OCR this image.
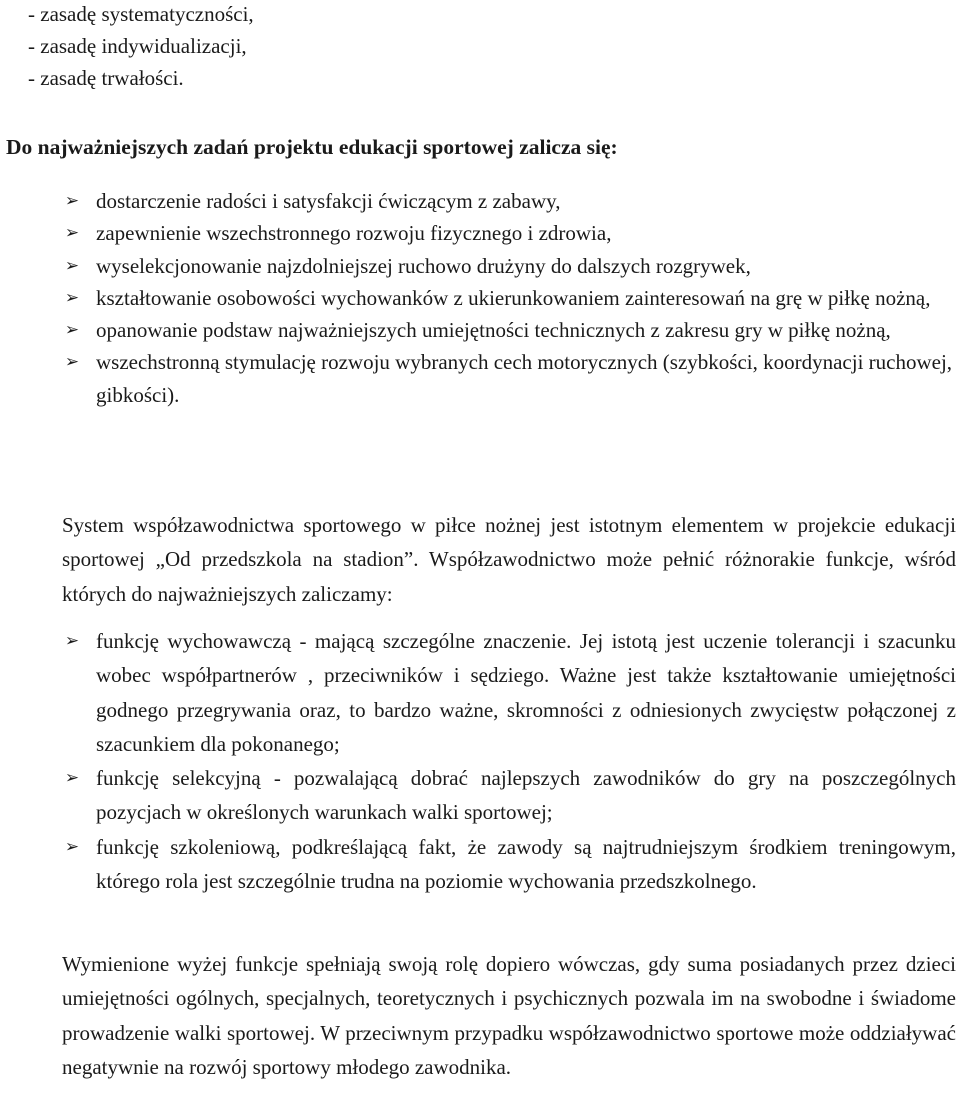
- zasadę systematyczności,
- zasadę indywidualizacji,
- zasadę trwałości.

Do najważniejszych zadań projektu edukacji sportowej zalicza się:

➢ dostarczenie radości i satysfakcji ćwiczącym z zabawy,
➢ zapewnienie wszechstronnego rozwoju fizycznego i zdrowia,
➢ wyselekcjonowanie najzdolniejszej ruchowo drużyny do dalszych rozgrywek,
➢ kształtowanie osobowości wychowanków z ukierunkowaniem zainteresowań na grę w piłkę nożną,
➢ opanowanie podstaw najważniejszych umiejętności technicznych z zakresu gry w piłkę nożną,
➢ wszechstronną stymulację rozwoju wybranych cech motorycznych (szybkości, koordynacji ruchowej, gibkości).

System współzawodnictwa sportowego w piłce nożnej jest istotnym elementem w projekcie edukacji sportowej „Od przedszkola na stadion”. Współzawodnictwo może pełnić różnorakie funkcje, wśród których do najważniejszych zaliczamy:

➢ funkcję wychowawczą - mającą szczególne znaczenie. Jej istotą jest uczenie tolerancji i szacunku wobec współpartnerów , przeciwników i sędziego. Ważne jest także kształtowanie umiejętności godnego przegrywania oraz, to bardzo ważne, skromności z odniesionych zwycięstw połączonej z szacunkiem dla pokonanego;
➢ funkcję selekcyjną - pozwalającą dobrać najlepszych zawodników do gry na poszczególnych pozycjach w określonych warunkach walki sportowej;
➢ funkcję szkoleniową, podkreślającą fakt, że zawody są najtrudniejszym środkiem treningowym, którego rola jest szczególnie trudna na poziomie wychowania przedszkolnego.

Wymienione wyżej funkcje spełniają swoją rolę dopiero wówczas, gdy suma posiadanych przez dzieci umiejętności ogólnych, specjalnych, teoretycznych i psychicznych pozwala im na swobodne i świadome prowadzenie walki sportowej. W przeciwnym przypadku współzawodnictwo sportowe może oddziaływać negatywnie na rozwój sportowy młodego zawodnika.
